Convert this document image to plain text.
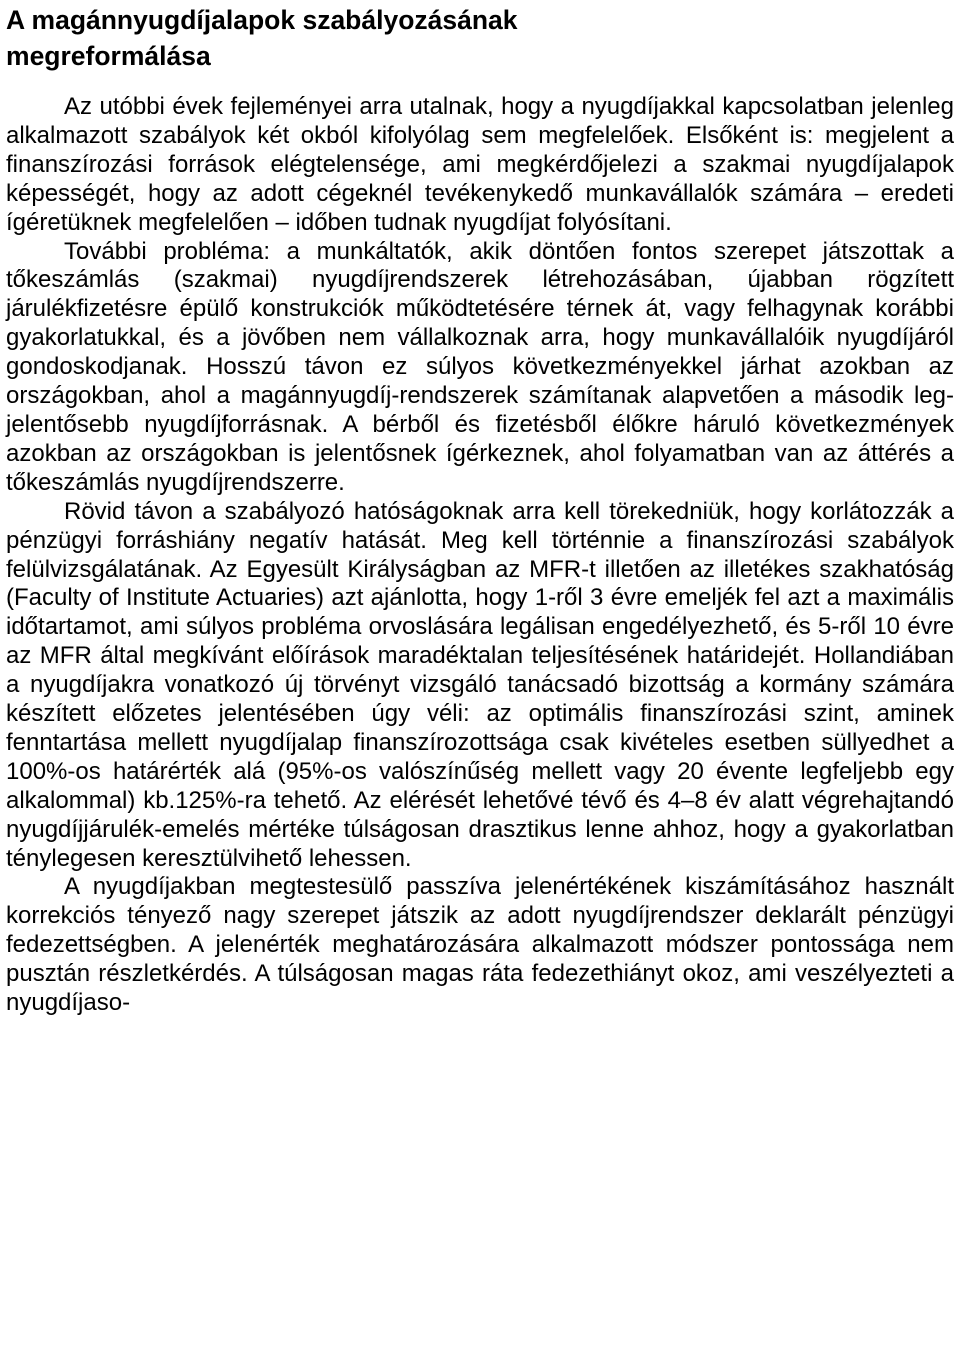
A magánnyugdíjalapok szabályozásának megreformálása

Az utóbbi évek fejleményei arra utalnak, hogy a nyugdíjakkal kapcsolatban jelenleg alkalmazott szabályok két okból kifolyólag sem megfelelőek. Elsőként is: megjelent a finanszírozási források elégtelensége, ami megkérdőjelezi a szakmai nyugdíjalapok képességét, hogy az adott cégeknél tevékenykedő munkavállalók számára – eredeti ígéretüknek megfelelően – időben tudnak nyugdíjat folyósítani.

További probléma: a munkáltatók, akik döntően fontos szerepet játszottak a tőkeszámlás (szakmai) nyugdíjrendszerek létrehozásában, újabban rögzített járulékfizetésre épülő konstrukciók működtetésére térnek át, vagy felhagynak korábbi gyakorlatukkal, és a jövőben nem vállalkoznak arra, hogy munkavállalóik nyugdíjáról gondoskodjanak. Hosszú távon ez súlyos következményekkel járhat azokban az országokban, ahol a magánnyugdíj-rendszerek számítanak alapvetően a második legjelentősebb nyugdíjforrásnak. A bérből és fizetésből élőkre háruló következmények azokban az országokban is jelentősnek ígérkeznek, ahol folyamatban van az áttérés a tőkeszámlás nyugdíjrendszerre.

Rövid távon a szabályozó hatóságoknak arra kell törekedniük, hogy korlátozzák a pénzügyi forráshiány negatív hatását. Meg kell történnie a finanszírozási szabályok felülvizsgálatának. Az Egyesült Királyságban az MFR-t illetően az illetékes szakhatóság (Faculty of Institute Actuaries) azt ajánlotta, hogy 1-ről 3 évre emeljék fel azt a maximális időtartamot, ami súlyos probléma orvoslására legálisan engedélyezhető, és 5-ről 10 évre az MFR által megkívánt előírások maradéktalan teljesítésének határidejét. Hollandiában a nyugdíjakra vonatkozó új törvényt vizsgáló tanácsadó bizottság a kormány számára készített előzetes jelentésében úgy véli: az optimális finanszírozási szint, aminek fenntartása mellett nyugdíjalap finanszírozottsága csak kivételes esetben süllyedhet a 100%-os határérték alá (95%-os valószínűség mellett vagy 20 évente legfeljebb egy alkalommal) kb.125%-ra tehető. Az elérését lehetővé tévő és 4–8 év alatt végrehajtandó nyugdíjjárulék-emelés mértéke túlságosan drasztikus lenne ahhoz, hogy a gyakorlatban ténylegesen keresztülvihető lehessen.

A nyugdíjakban megtestesülő passzíva jelenértékének kiszámításához használt korrekciós tényező nagy szerepet játszik az adott nyugdíjrendszer deklarált pénzügyi fedezettségben. A jelenérték meghatározására alkalmazott módszer pontossága nem pusztán részletkérdés. A túlságosan magas ráta fedezethiányt okoz, ami veszélyezteti a nyugdíjaso-
